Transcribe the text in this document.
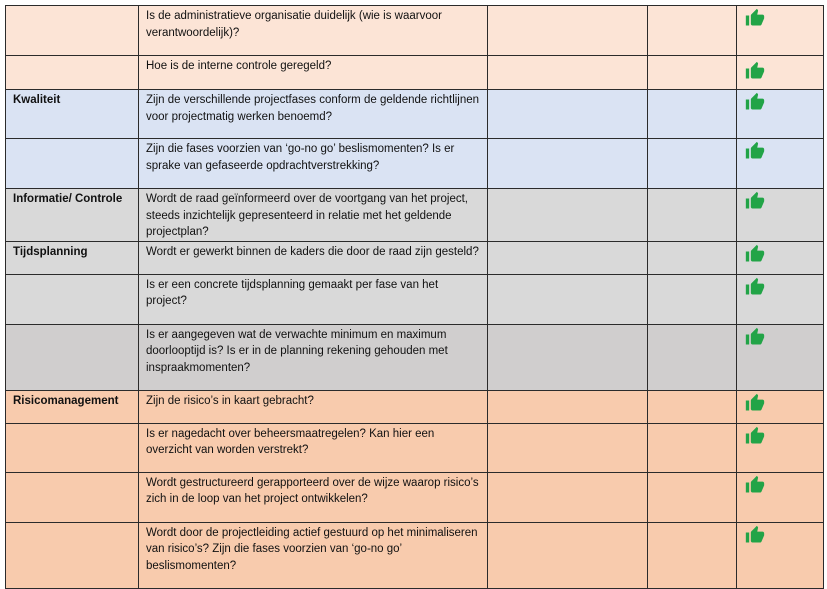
	Is de administratieve organisatie duidelijk (wie is waarvoor verantwoordelijk)?			
	Hoe is de interne controle geregeld?			
Kwaliteit	Zijn de verschillende projectfases conform de geldende richtlijnen voor projectmatig werken benoemd?			
	Zijn die fases voorzien van ‘go-no go’ beslismomenten? Is er sprake van gefaseerde opdrachtverstrekking?			
Informatie/ Controle	Wordt de raad geïnformeerd over de voortgang van het project, steeds inzichtelijk gepresenteerd in relatie met het geldende projectplan?			
Tijdsplanning	Wordt er gewerkt binnen de kaders die door de raad zijn gesteld?			
	Is er een concrete tijdsplanning gemaakt per fase van het project?			
	Is er aangegeven wat de verwachte minimum en maximum doorlooptijd is? Is er in de planning rekening gehouden met inspraakmomenten?			
Risicomanagement	Zijn de risico’s in kaart gebracht?			
	Is er nagedacht over beheersmaatregelen? Kan hier een overzicht van worden verstrekt?			
	Wordt gestructureerd gerapporteerd over de wijze waarop risico’s zich in de loop van het project ontwikkelen?			
	Wordt door de projectleiding actief gestuurd op het minimaliseren van risico’s? Zijn die fases voorzien van ‘go-no go’ beslismomenten?			
